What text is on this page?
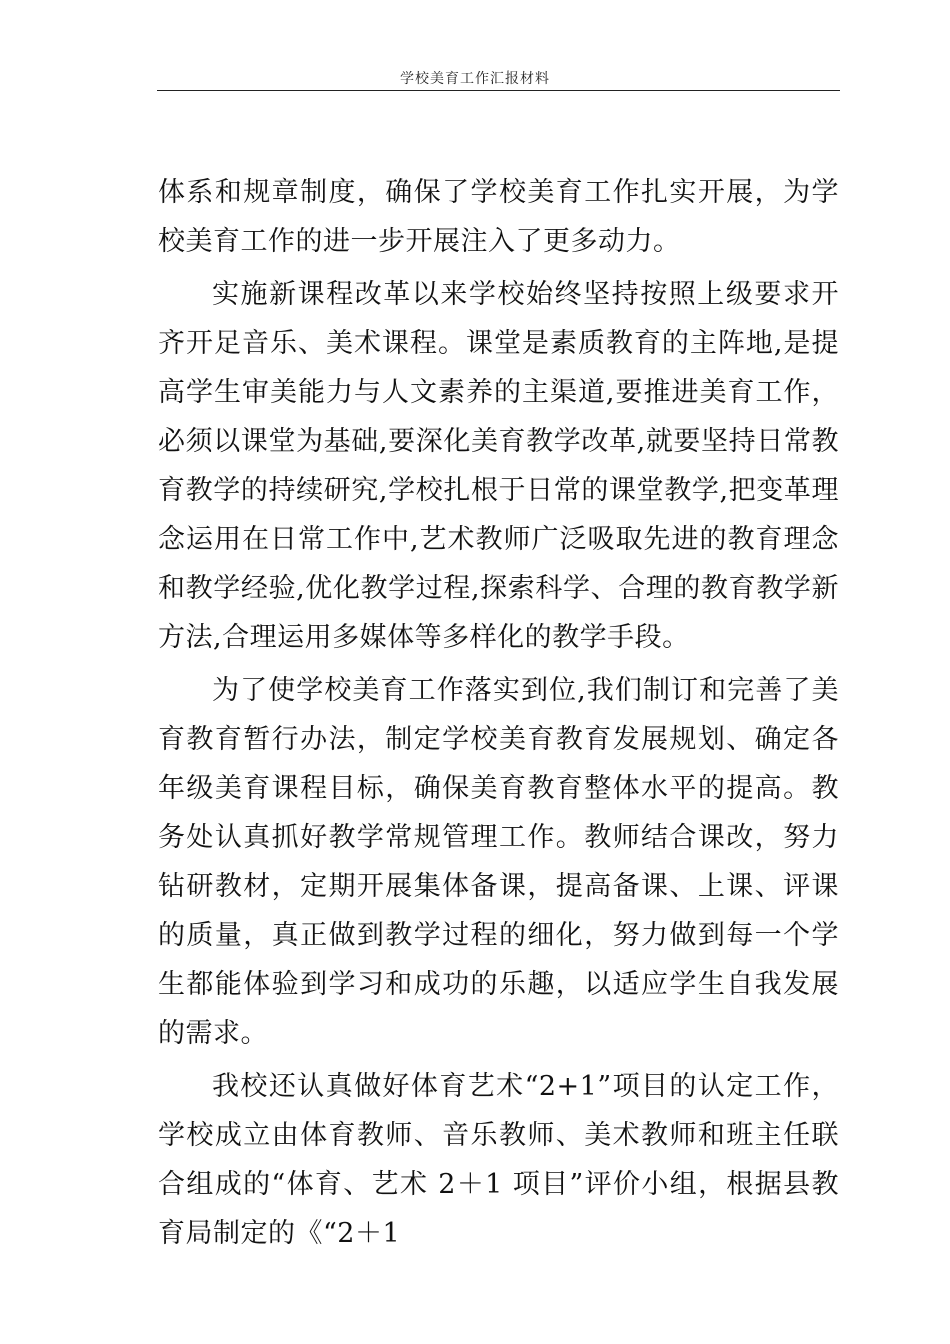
学校美育工作汇报材料

体系和规章制度，确保了学校美育工作扎实开展，为学校美育工作的进一步开展注入了更多动力。

实施新课程改革以来学校始终坚持按照上级要求开齐开足音乐、美术课程。课堂是素质教育的主阵地,是提高学生审美能力与人文素养的主渠道,要推进美育工作，必须以课堂为基础,要深化美育教学改革,就要坚持日常教育教学的持续研究,学校扎根于日常的课堂教学,把变革理念运用在日常工作中,艺术教师广泛吸取先进的教育理念和教学经验,优化教学过程,探索科学、合理的教育教学新方法,合理运用多媒体等多样化的教学手段。

为了使学校美育工作落实到位,我们制订和完善了美育教育暂行办法，制定学校美育教育发展规划、确定各年级美育课程目标，确保美育教育整体水平的提高。教务处认真抓好教学常规管理工作。教师结合课改，努力钻研教材，定期开展集体备课，提高备课、上课、评课的质量，真正做到教学过程的细化，努力做到每一个学生都能体验到学习和成功的乐趣，以适应学生自我发展的需求。

我校还认真做好体育艺术“2+1”项目的认定工作，学校成立由体育教师、音乐教师、美术教师和班主任联合组成的“体育、艺术 2＋1 项目”评价小组，根据县教育局制定的《“2＋1
